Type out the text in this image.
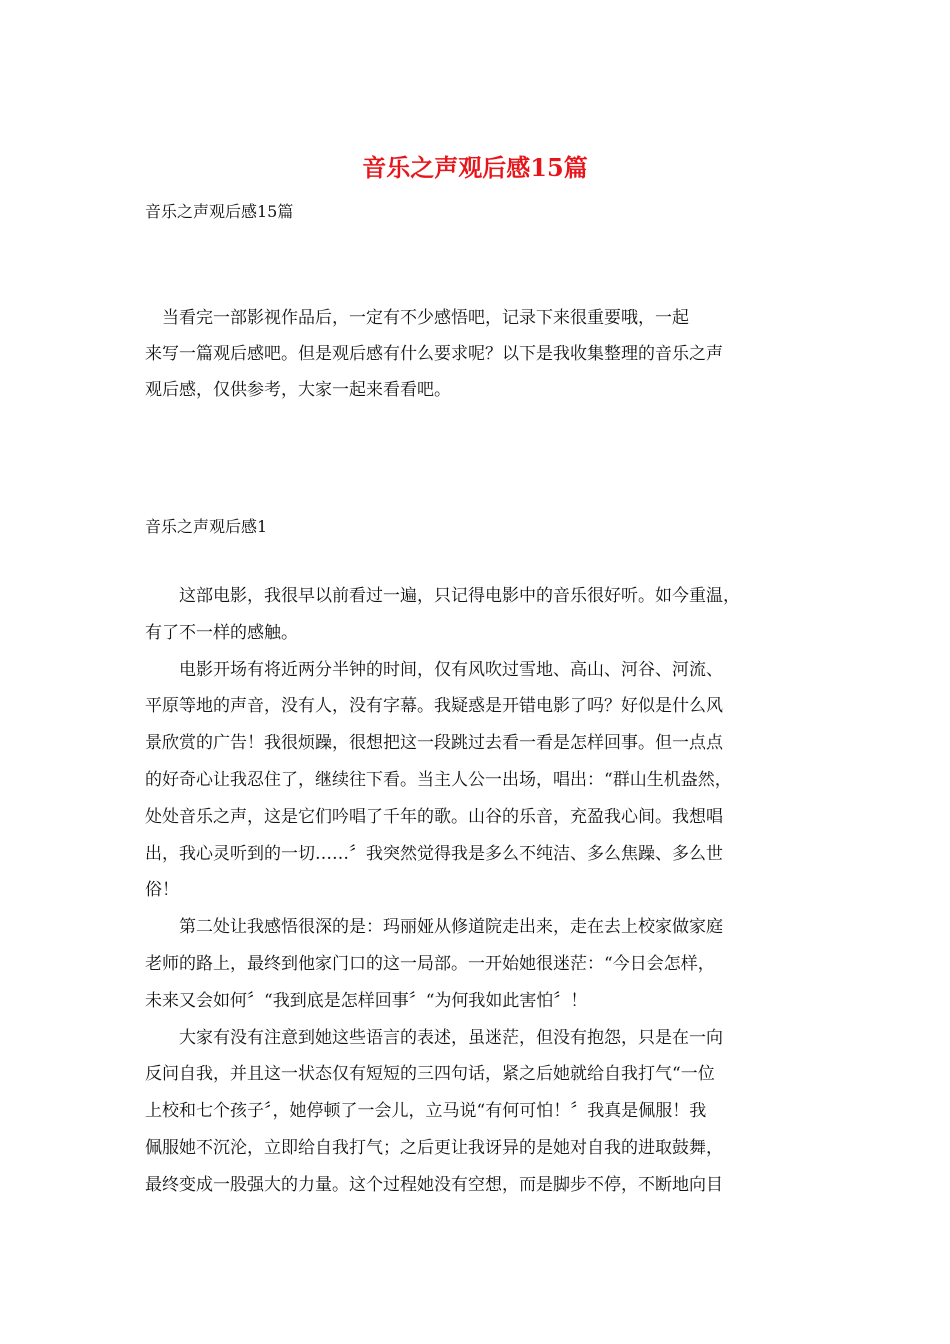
音乐之声观后感15篇
音乐之声观后感15篇
　当看完一部影视作品后，一定有不少感悟吧，记录下来很重要哦，一起
来写一篇观后感吧。但是观后感有什么要求呢？以下是我收集整理的音乐之声
观后感，仅供参考，大家一起来看看吧。
音乐之声观后感1
　　这部电影，我很早以前看过一遍，只记得电影中的音乐很好听。如今重温，
有了不一样的感触。
　　电影开场有将近两分半钟的时间，仅有风吹过雪地、高山、河谷、河流、
平原等地的声音，没有人，没有字幕。我疑惑是开错电影了吗？好似是什么风
景欣赏的广告！我很烦躁，很想把这一段跳过去看一看是怎样回事。但一点点
的好奇心让我忍住了，继续往下看。当主人公一出场，唱出：“群山生机盎然，
处处音乐之声，这是它们吟唱了千年的歌。山谷的乐音，充盈我心间。我想唱
出，我心灵听到的一切……〞我突然觉得我是多么不纯洁、多么焦躁、多么世
俗！
　　第二处让我感悟很深的是：玛丽娅从修道院走出来，走在去上校家做家庭
老师的路上，最终到他家门口的这一局部。一开始她很迷茫：“今日会怎样，
未来又会如何〞“我到底是怎样回事〞“为何我如此害怕〞！
　　大家有没有注意到她这些语言的表述，虽迷茫，但没有抱怨，只是在一向
反问自我，并且这一状态仅有短短的三四句话，紧之后她就给自我打气“一位
上校和七个孩子〞，她停顿了一会儿，立马说“有何可怕！〞我真是佩服！我
佩服她不沉沦，立即给自我打气；之后更让我讶异的是她对自我的进取鼓舞，
最终变成一股强大的力量。这个过程她没有空想，而是脚步不停，不断地向目
